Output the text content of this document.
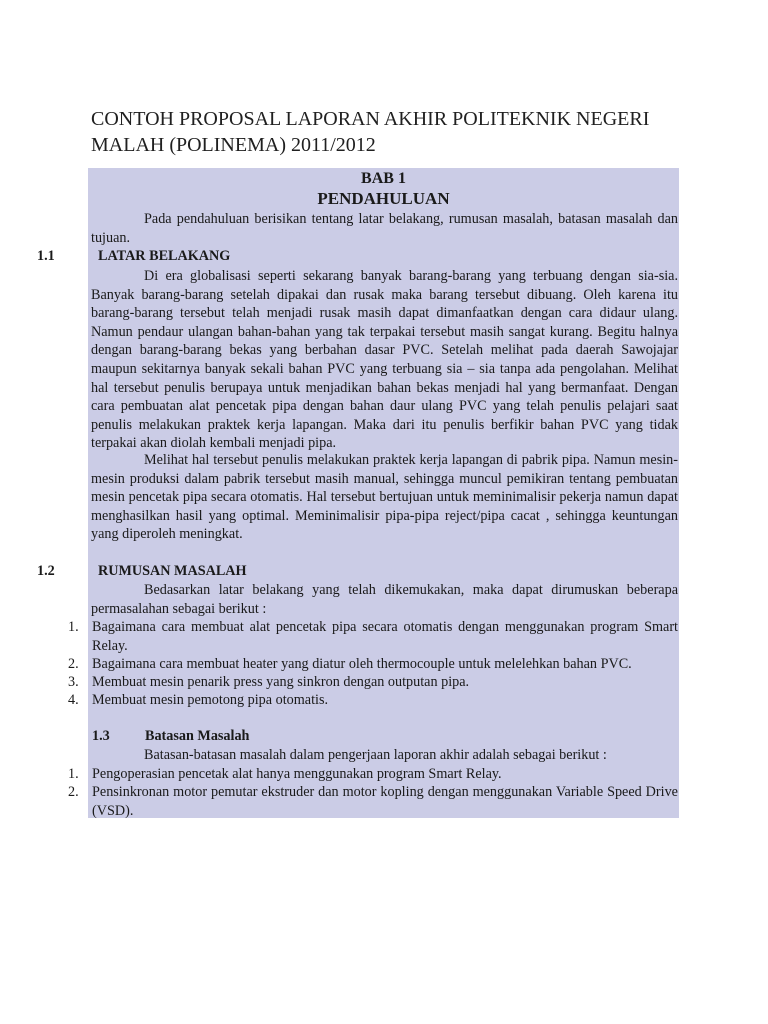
CONTOH PROPOSAL LAPORAN AKHIR POLITEKNIK NEGERI
MALAH (POLINEMA) 2011/2012
BAB 1
PENDAHULUAN
Pada pendahuluan berisikan tentang latar belakang, rumusan masalah, batasan masalah dan tujuan.
1.1	LATAR BELAKANG
Di era globalisasi seperti sekarang banyak barang-barang yang terbuang dengan sia-sia. Banyak barang-barang setelah dipakai dan rusak maka barang tersebut dibuang. Oleh karena itu barang-barang tersebut telah menjadi rusak masih dapat dimanfaatkan dengan cara didaur ulang. Namun pendaur ulangan bahan-bahan yang tak terpakai tersebut masih sangat kurang. Begitu halnya dengan barang-barang bekas yang berbahan dasar PVC. Setelah melihat pada daerah Sawojajar maupun sekitarnya banyak sekali bahan PVC yang terbuang sia – sia tanpa ada pengolahan. Melihat hal tersebut penulis berupaya untuk menjadikan bahan bekas menjadi hal yang bermanfaat. Dengan cara pembuatan alat pencetak pipa dengan bahan daur ulang PVC yang telah penulis pelajari saat penulis melakukan praktek kerja lapangan. Maka dari itu penulis berfikir bahan PVC yang tidak terpakai akan diolah kembali menjadi pipa.
Melihat hal tersebut penulis melakukan praktek kerja lapangan di pabrik pipa. Namun mesin-mesin produksi dalam pabrik tersebut masih manual, sehingga muncul pemikiran tentang pembuatan mesin pencetak pipa secara otomatis. Hal tersebut bertujuan untuk meminimalisir pekerja namun dapat menghasilkan hasil yang optimal. Meminimalisir pipa-pipa reject/pipa cacat , sehingga keuntungan yang diperoleh meningkat.
1.2	RUMUSAN MASALAH
Bedasarkan latar belakang yang telah dikemukakan, maka dapat dirumuskan beberapa permasalahan sebagai berikut :
1. Bagaimana cara membuat alat pencetak pipa secara otomatis dengan menggunakan program Smart Relay.
2. Bagaimana cara membuat heater yang diatur oleh thermocouple untuk melelehkan bahan PVC.
3. Membuat mesin penarik press yang sinkron dengan outputan pipa.
4. Membuat mesin pemotong pipa otomatis.
1.3 Batasan Masalah
Batasan-batasan masalah dalam pengerjaan laporan akhir adalah sebagai berikut :
1. Pengoperasian pencetak alat hanya menggunakan program Smart Relay.
2. Pensinkronan motor pemutar ekstruder dan motor kopling dengan menggunakan Variable Speed Drive (VSD).
